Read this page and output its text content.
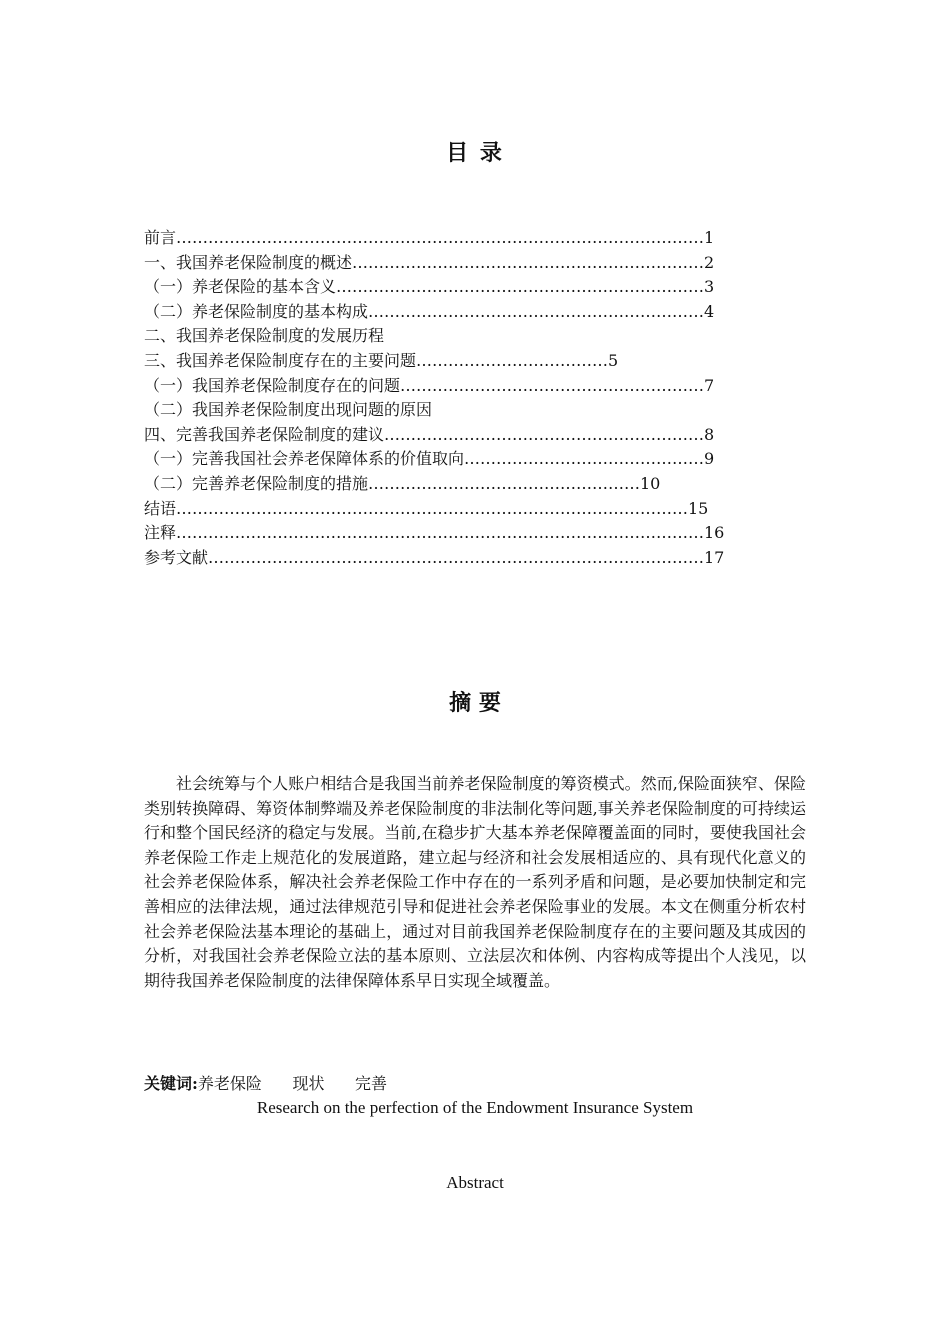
目 录
前言………………………………………………………………………………………1
一、我国养老保险制度的概述…………………………………………………………2
（一）养老保险的基本含义……………………………………………………………3
（二）养老保险制度的基本构成………………………………………………………4
二、我国养老保险制度的发展历程
三、我国养老保险制度存在的主要问题………………………………5
（一）我国养老保险制度存在的问题…………………………………………………7
（二）我国养老保险制度出现问题的原因
四、完善我国养老保险制度的建议……………………………………………………8
（一）完善我国社会养老保障体系的价值取向………………………………………9
（二）完善养老保险制度的措施……………………………………………10
结语……………………………………………………………………………………15
注释………………………………………………………………………………………16
参考文献…………………………………………………………………………………17
摘 要

社会统筹与个人账户相结合是我国当前养老保险制度的筹资模式。然而,保险面狭窄、保险类别转换障碍、筹资体制弊端及养老保险制度的非法制化等问题,事关养老保险制度的可持续运行和整个国民经济的稳定与发展。当前,在稳步扩大基本养老保障覆盖面的同时，要使我国社会养老保险工作走上规范化的发展道路，建立起与经济和社会发展相适应的、具有现代化意义的社会养老保险体系，解决社会养老保险工作中存在的一系列矛盾和问题，是必要加快制定和完善相应的法律法规，通过法律规范引导和促进社会养老保险事业的发展。本文在侧重分析农村社会养老保险法基本理论的基础上，通过对目前我国养老保险制度存在的主要问题及其成因的分析，对我国社会养老保险立法的基本原则、立法层次和体例、内容构成等提出个人浅见，以期待我国养老保险制度的法律保障体系早日实现全域覆盖。

关键词:养老保险      现状      完善
Research on the perfection of the Endowment Insurance System
Abstract
